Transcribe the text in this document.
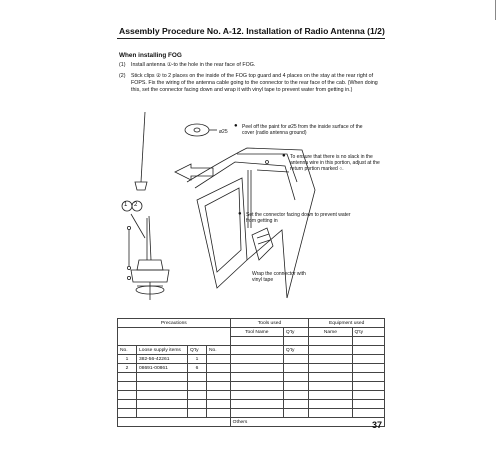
Assembly Procedure No. A-12. Installation of Radio Antenna (1/2)
When installing FOG
(1) Install antenna ①-to the hole in the rear face of FOG.
(2) Stick clips ② to 2 places on the inside of the FOG top guard and 4 places on the stay at the rear right of FOPS. Fix the wiring of the antenna cable going to the connector to the rear face of the cab. (When doing this, set the connector facing down and wrap it with vinyl tape to prevent water from getting in.)
1 2
● Peel off the paint for ø25 from the inside surface of the cover (radio antenna ground)
ø25
● To ensure that there is no slack in the antenna wire in this portion, adjust at the return portion marked ○.
● Set the connector facing down to prevent water from getting in
Wrap the connector with vinyl tape
Precautions				Tools used		Equipment used	
				Tool Name	Q'ty	Name	Q'ty

No.	Loose supply items	Q'ty	No.		Q'ty		
1	382-56-42261	1					
2	08691-00861	6					

				Others				37
